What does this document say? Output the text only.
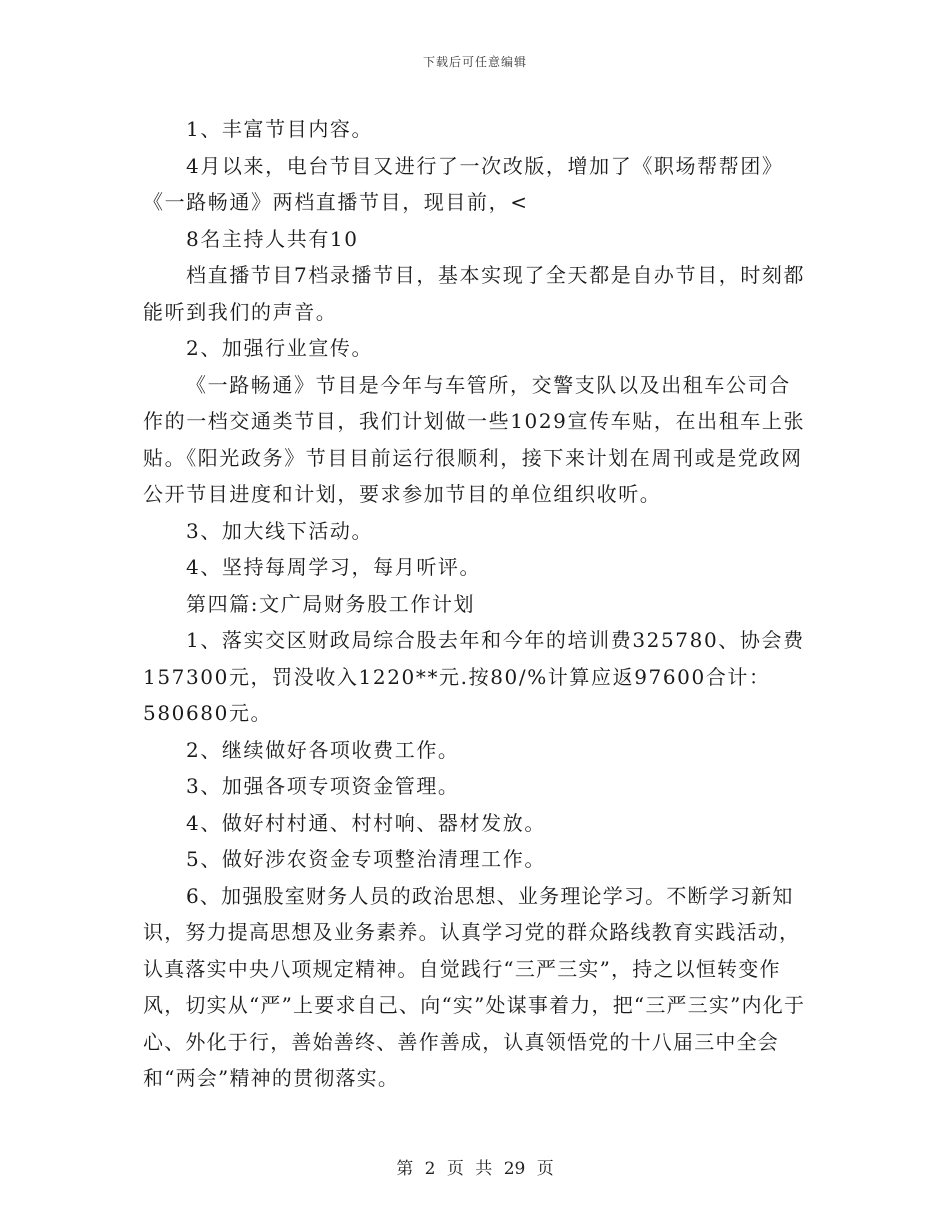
下载后可任意编辑

1、丰富节目内容。

4月以来，电台节目又进行了一次改版，增加了《职场帮帮团》《一路畅通》两档直播节目，现目前，<

8名主持人共有10

档直播节目7档录播节目，基本实现了全天都是自办节目，时刻都能听到我们的声音。

2、加强行业宣传。

《一路畅通》节目是今年与车管所，交警支队以及出租车公司合作的一档交通类节目，我们计划做一些1029宣传车贴，在出租车上张贴。《阳光政务》节目目前运行很顺利，接下来计划在周刊或是党政网公开节目进度和计划，要求参加节目的单位组织收听。

3、加大线下活动。

4、坚持每周学习，每月听评。

第四篇:文广局财务股工作计划

1、落实交区财政局综合股去年和今年的培训费325780、协会费157300元，罚没收入1220**元.按80/%计算应返97600合计：580680元。

2、继续做好各项收费工作。

3、加强各项专项资金管理。

4、做好村村通、村村响、器材发放。

5、做好涉农资金专项整治清理工作。

6、加强股室财务人员的政治思想、业务理论学习。不断学习新知识，努力提高思想及业务素养。认真学习党的群众路线教育实践活动，认真落实中央八项规定精神。自觉践行“三严三实”，持之以恒转变作风，切实从“严”上要求自己、向“实”处谋事着力，把“三严三实”内化于心、外化于行，善始善终、善作善成，认真领悟党的十八届三中全会和“两会”精神的贯彻落实。

第 2 页 共 29 页
